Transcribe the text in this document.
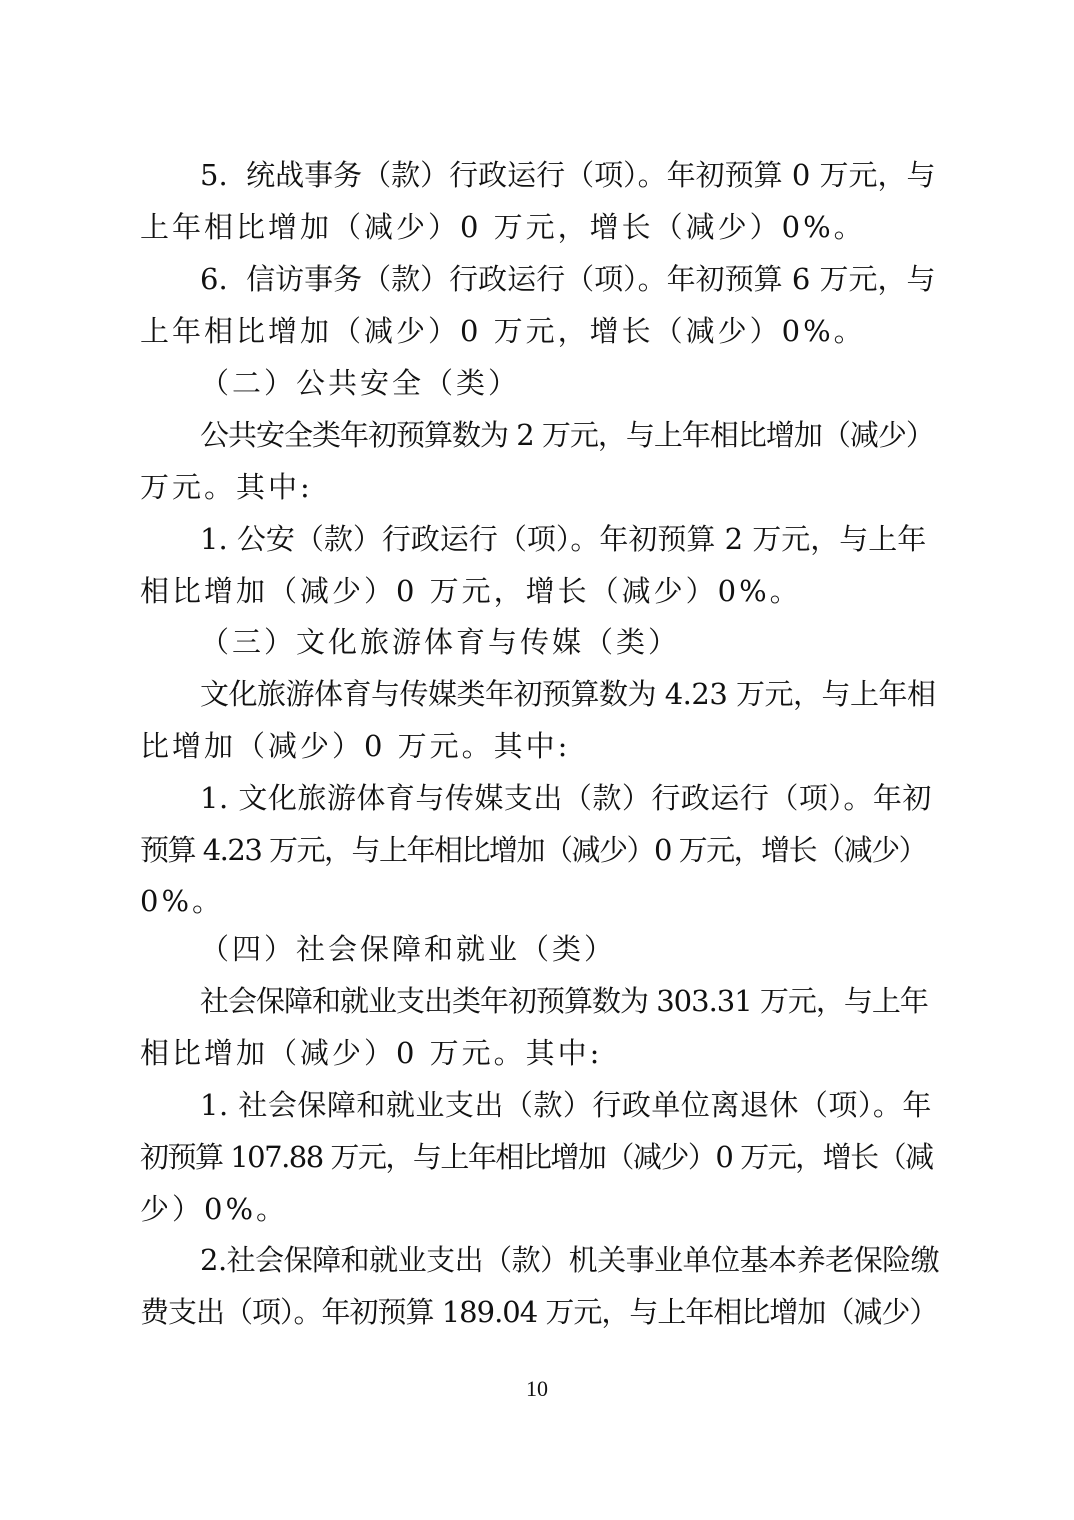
5.  统战事务（款）行政运行（项）。年初预算 0 万元，与
上年相比增加（减少）0 万元，增长（减少）0%。
6.  信访事务（款）行政运行（项）。年初预算 6 万元，与
上年相比增加（减少）0 万元，增长（减少）0%。
（二）公共安全（类）
公共安全类年初预算数为 2 万元，与上年相比增加（减少）
万元。其中:
1. 公安（款）行政运行（项）。年初预算 2 万元，与上年
相比增加（减少）0 万元，增长（减少）0%。
（三）文化旅游体育与传媒（类）
文化旅游体育与传媒类年初预算数为 4.23 万元，与上年相
比增加（减少）0 万元。其中:
1. 文化旅游体育与传媒支出（款）行政运行（项）。年初
预算 4.23 万元，与上年相比增加（减少）0 万元，增长（减少）
0%。
（四）社会保障和就业（类）
社会保障和就业支出类年初预算数为 303.31 万元，与上年
相比增加（减少）0 万元。其中:
1. 社会保障和就业支出（款）行政单位离退休（项）。年
初预算 107.88 万元，与上年相比增加（减少）0 万元，增长（减
少）0%。
2.社会保障和就业支出（款）机关事业单位基本养老保险缴
费支出（项）。年初预算 189.04 万元，与上年相比增加（减少）
10
